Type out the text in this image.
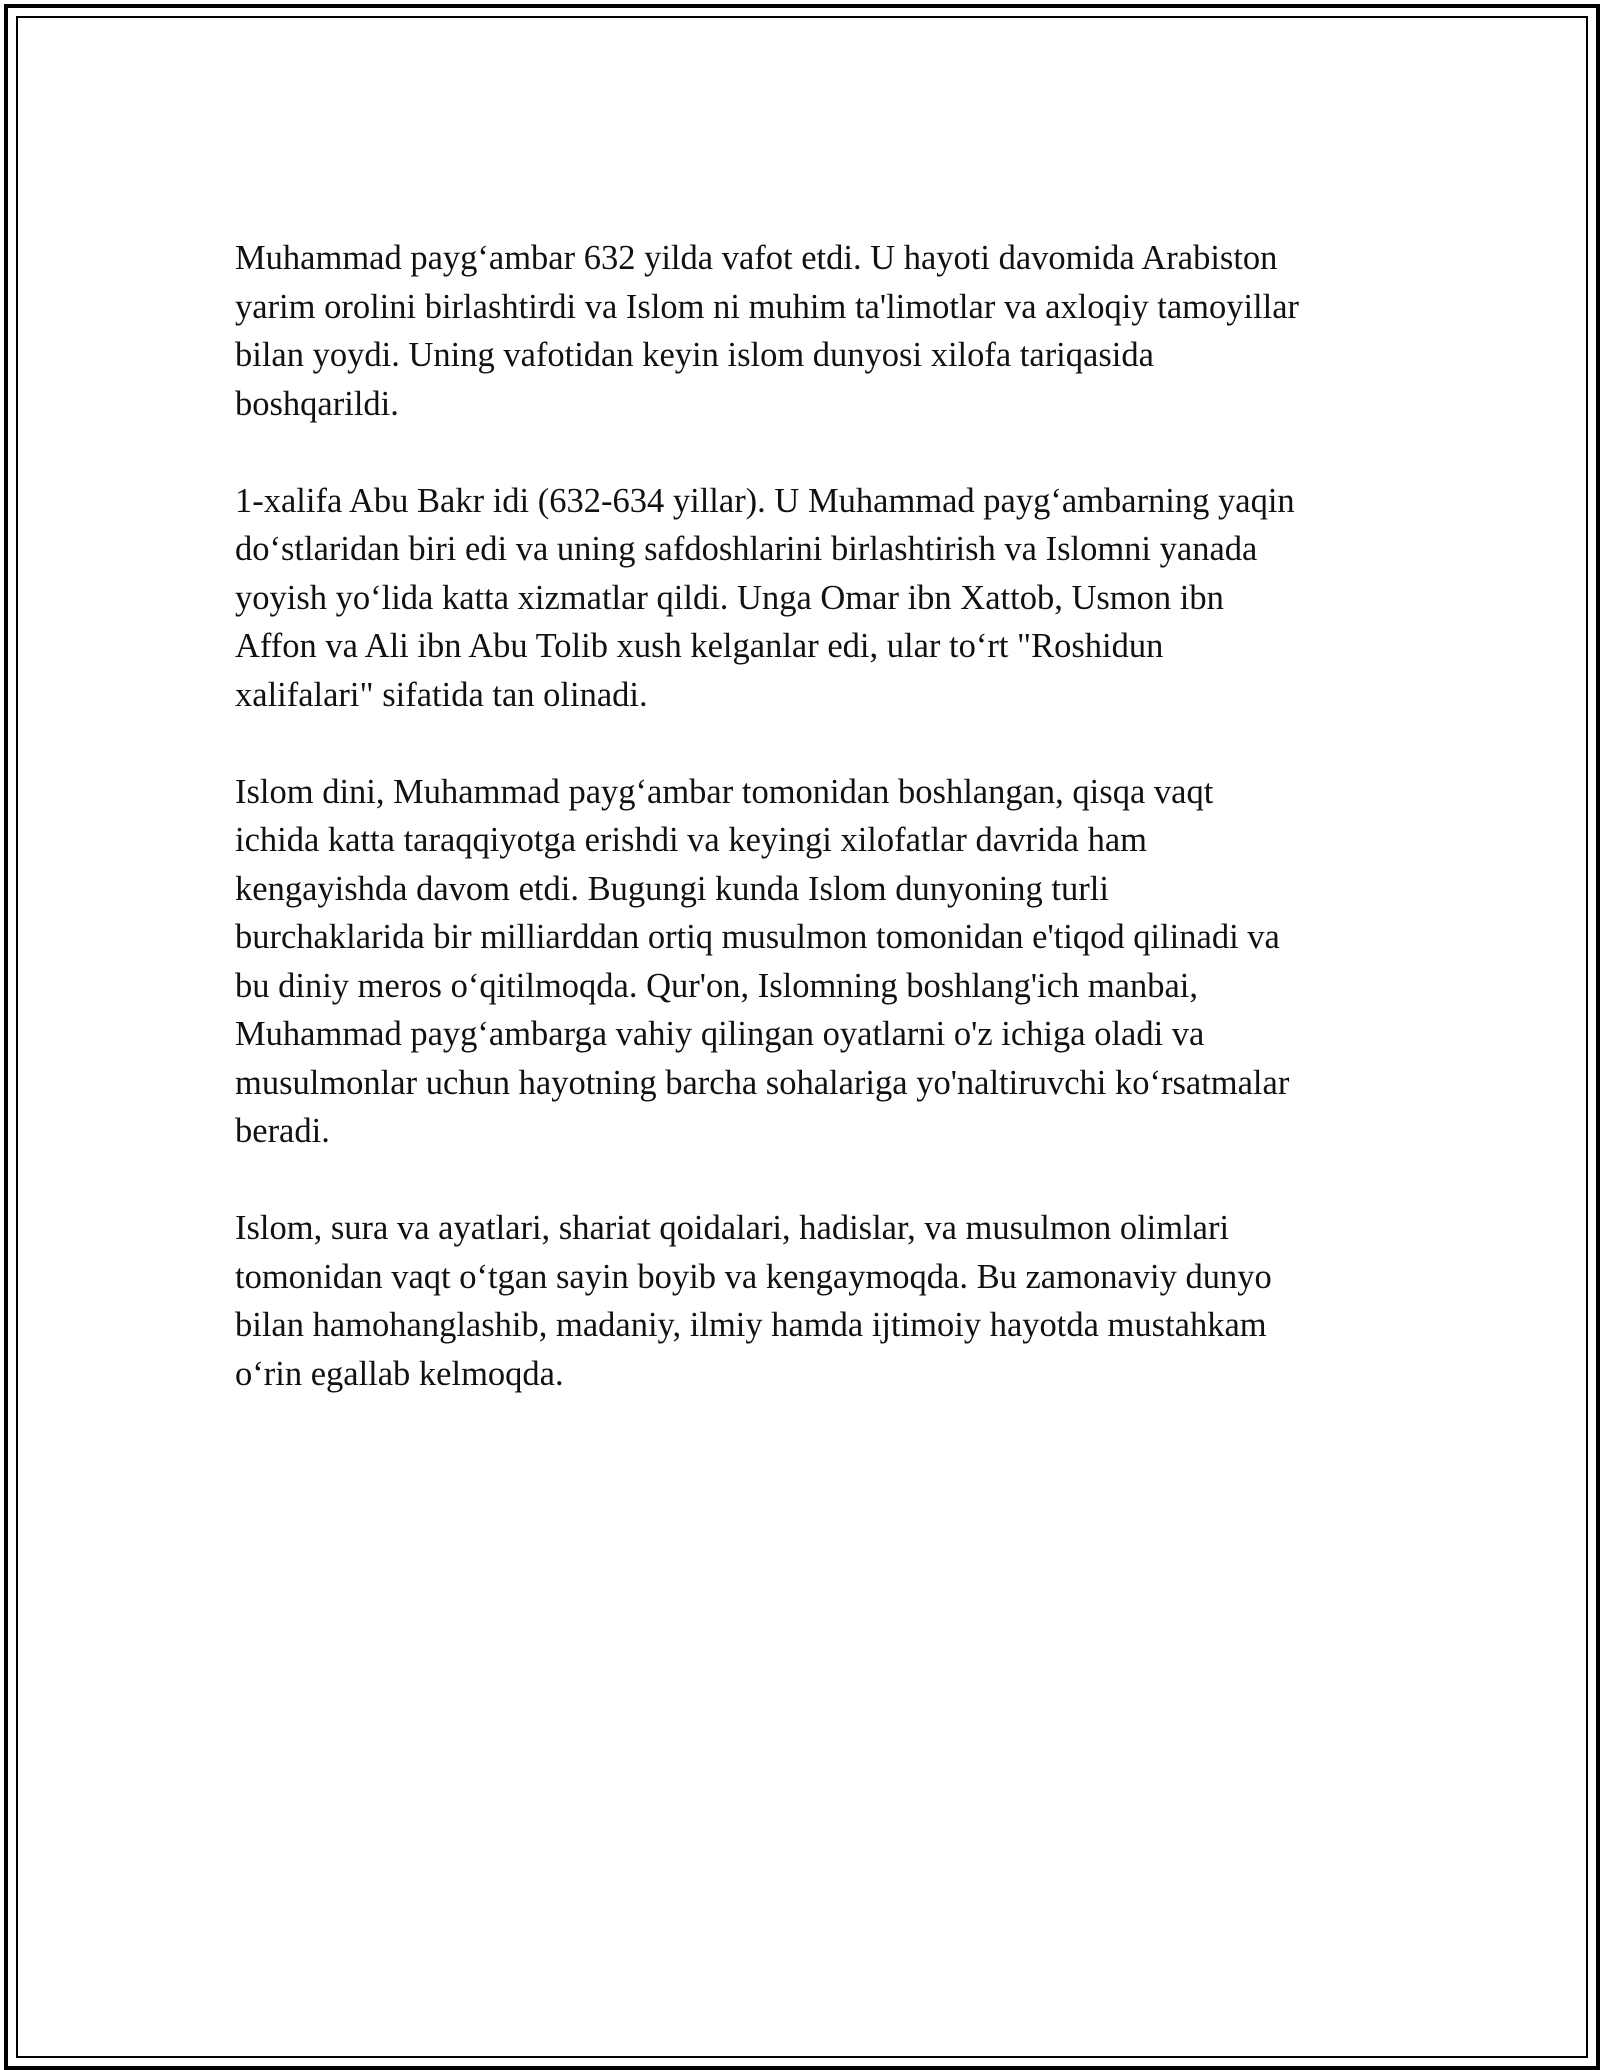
Muhammad payg‘ambar 632 yilda vafot etdi. U hayoti davomida Arabiston
yarim orolini birlashtirdi va Islom ni muhim ta'limotlar va axloqiy tamoyillar
bilan yoydi. Uning vafotidan keyin islom dunyosi xilofa tariqasida
boshqarildi.

1-xalifa Abu Bakr idi (632-634 yillar). U Muhammad payg‘ambarning yaqin
do‘stlaridan biri edi va uning safdoshlarini birlashtirish va Islomni yanada
yoyish yo‘lida katta xizmatlar qildi. Unga Omar ibn Xattob, Usmon ibn
Affon va Ali ibn Abu Tolib xush kelganlar edi, ular to‘rt "Roshidun
xalifalari" sifatida tan olinadi.

Islom dini, Muhammad payg‘ambar tomonidan boshlangan, qisqa vaqt
ichida katta taraqqiyotga erishdi va keyingi xilofatlar davrida ham
kengayishda davom etdi. Bugungi kunda Islom dunyoning turli
burchaklarida bir milliarddan ortiq musulmon tomonidan e'tiqod qilinadi va
bu diniy meros o‘qitilmoqda. Qur'on, Islomning boshlang'ich manbai,
Muhammad payg‘ambarga vahiy qilingan oyatlarni o'z ichiga oladi va
musulmonlar uchun hayotning barcha sohalariga yo'naltiruvchi ko‘rsatmalar
beradi.

Islom, sura va ayatlari, shariat qoidalari, hadislar, va musulmon olimlari
tomonidan vaqt o‘tgan sayin boyib va kengaymoqda. Bu zamonaviy dunyo
bilan hamohanglashib, madaniy, ilmiy hamda ijtimoiy hayotda mustahkam
o‘rin egallab kelmoqda.
